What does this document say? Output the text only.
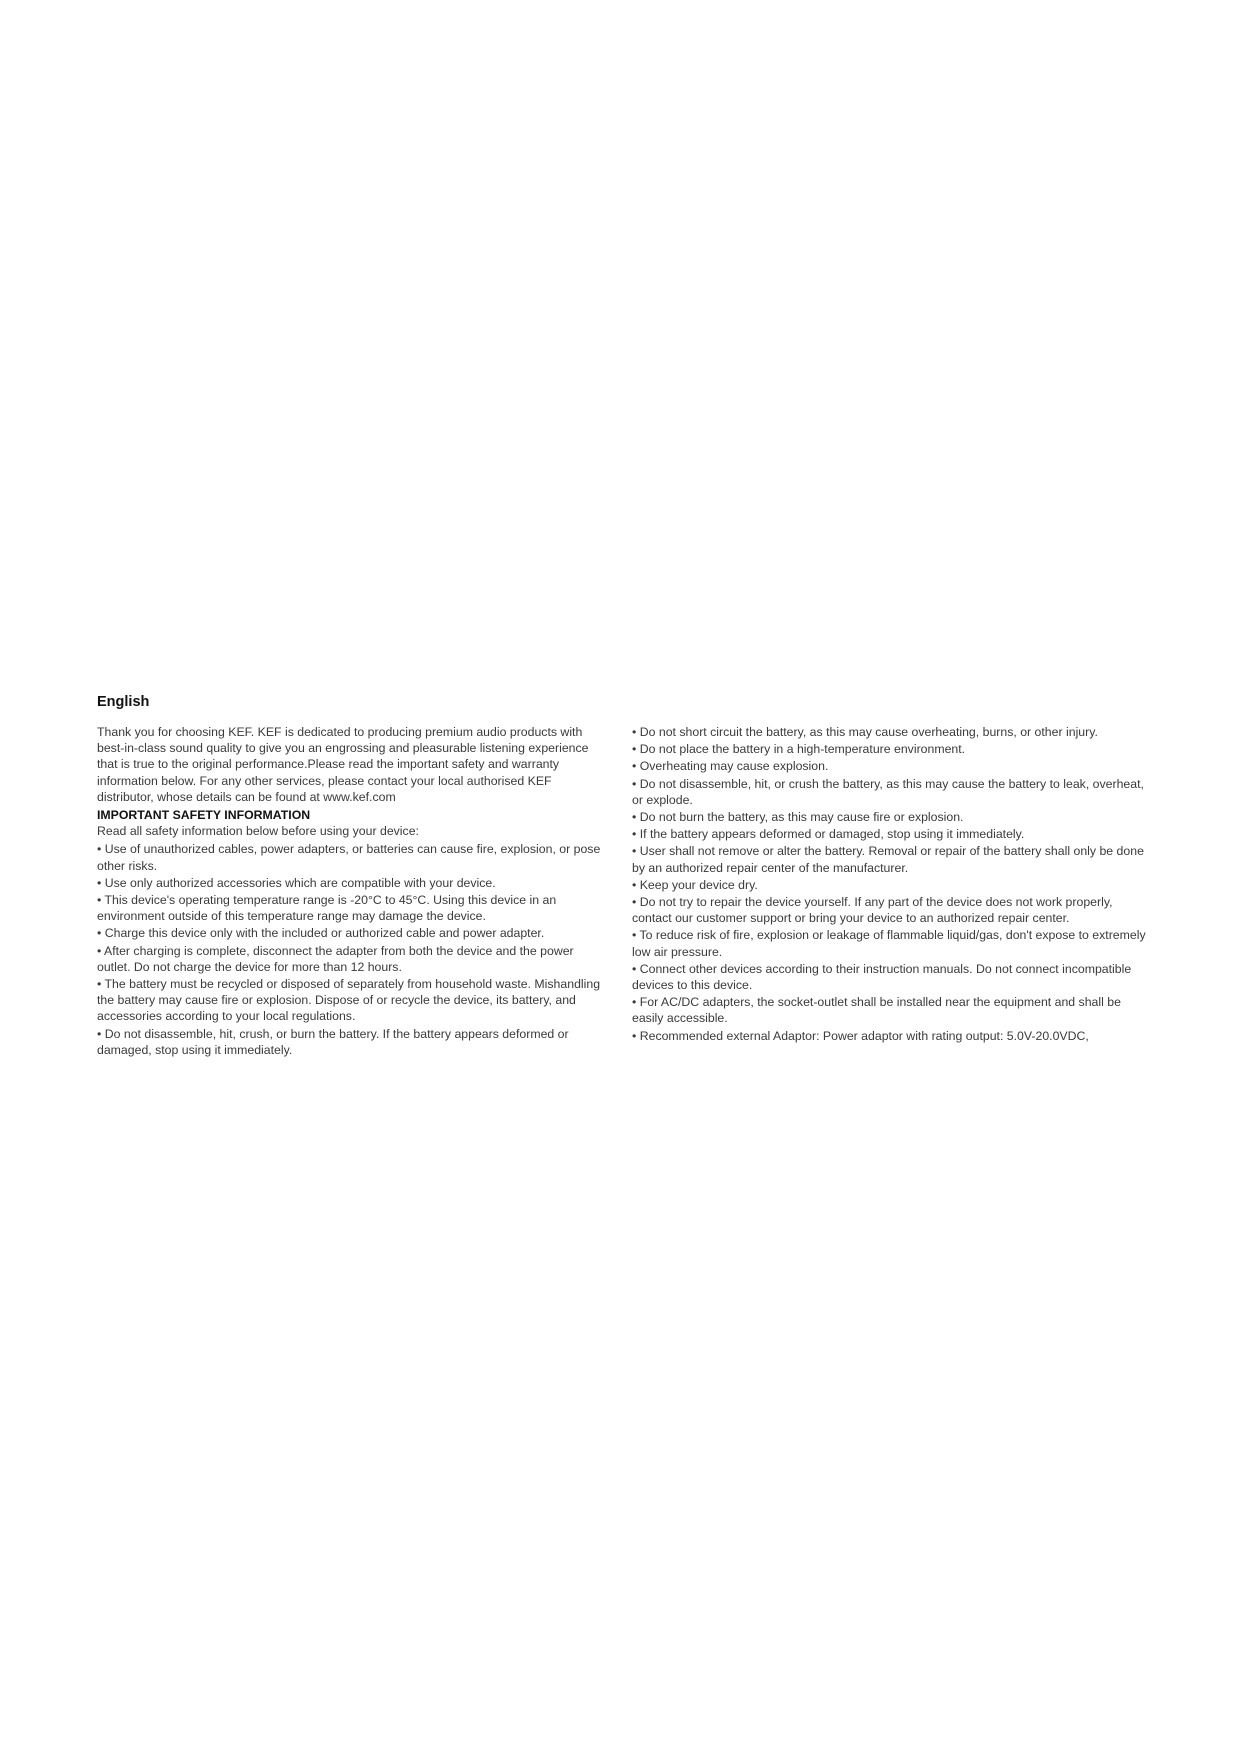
English

Thank you for choosing KEF. KEF is dedicated to producing premium audio products with best-in-class sound quality to give you an engrossing and pleasurable listening experience that is true to the original performance.Please read the important safety and warranty information below. For any other services, please contact your local authorised KEF distributor, whose details can be found at www.kef.com

IMPORTANT SAFETY INFORMATION

Read all safety information below before using your device:

• Use of unauthorized cables, power adapters, or batteries can cause fire, explosion, or pose other risks.
• Use only authorized accessories which are compatible with your device.
• This device's operating temperature range is -20°C to 45°C. Using this device in an environment outside of this temperature range may damage the device.
• Charge this device only with the included or authorized cable and power adapter.
• After charging is complete, disconnect the adapter from both the device and the power outlet. Do not charge the device for more than 12 hours.
• The battery must be recycled or disposed of separately from household waste. Mishandling the battery may cause fire or explosion. Dispose of or recycle the device, its battery, and accessories according to your local regulations.
• Do not disassemble, hit, crush, or burn the battery. If the battery appears deformed or damaged, stop using it immediately.
• Do not short circuit the battery, as this may cause overheating, burns, or other injury.
• Do not place the battery in a high-temperature environment.
• Overheating may cause explosion.
• Do not disassemble, hit, or crush the battery, as this may cause the battery to leak, overheat, or explode.
• Do not burn the battery, as this may cause fire or explosion.
• If the battery appears deformed or damaged, stop using it immediately.
• User shall not remove or alter the battery. Removal or repair of the battery shall only be done by an authorized repair center of the manufacturer.
• Keep your device dry.
• Do not try to repair the device yourself. If any part of the device does not work properly, contact our customer support or bring your device to an authorized repair center.
• To reduce risk of fire, explosion or leakage of flammable liquid/gas, don't expose to extremely low air pressure.
• Connect other devices according to their instruction manuals. Do not connect incompatible devices to this device.
• For AC/DC adapters, the socket-outlet shall be installed near the equipment and shall be easily accessible.
• Recommended external Adaptor: Power adaptor with rating output: 5.0V-20.0VDC,
